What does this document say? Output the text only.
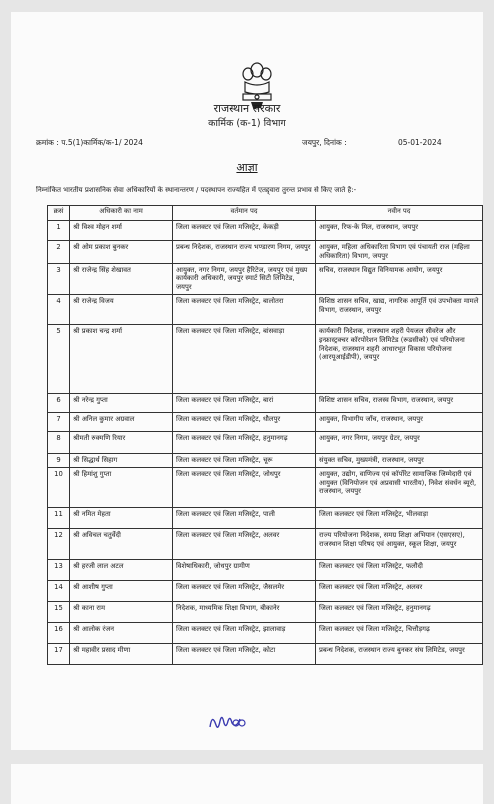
राजस्थान सरकार
कार्मिक (क-1) विभाग
क्रमांक : प.5(1)कार्मिक/क-1/ 2024	जयपुर, दिनांक :	05-01-2024
आज्ञा
निम्नांकित भारतीय प्रशासनिक सेवा अधिकारियों के स्थानान्तरण / पदस्थापन राज्यहित में एतद्द्वारा तुरन्त प्रभाव से किए जाते है:-
क्रसं	अधिकारी का नाम	वर्तमान पद	नवीन पद
1	श्री विश्व मोहन शर्मा	जिला कलक्टर एवं जिला मजिस्ट्रेट, केकड़ी	आयुक्त, रिफ-के मिल, राजस्थान, जयपुर
2	श्री ओम प्रकाश बुनकर	प्रबन्ध निदेशक, राजस्थान राज्य भण्डारण निगम, जयपुर	आयुक्त, महिला अधिकारिता विभाग एवं पंचायती राज (महिला अधिकारिता) विभाग, जयपुर
3	श्री राजेन्द्र सिंह शेखावत	आयुक्त, नगर निगम, जयपुर हैरिटेज, जयपुर एवं मुख्य कार्यकारी अधिकारी, जयपुर स्मार्ट सिटी लिमिटेड, जयपुर	सचिव, राजस्थान विद्युत विनियामक आयोग, जयपुर
4	श्री राजेन्द्र विजय	जिला कलक्टर एवं जिला मजिस्ट्रेट, बालोतरा	विशिष्ठ शासन सचिव, खाद्य, नागरिक आपूर्ति एवं उपभोक्ता मामले विभाग, राजस्थान, जयपुर
5	श्री प्रकाश चन्द्र शर्मा	जिला कलक्टर एवं जिला मजिस्ट्रेट, बांसवाड़ा	कार्यकारी निदेशक, राजस्थान शहरी पेयजल सीवरेज और इन्फ्रास्ट्रक्चर कॉरपोरेशन लिमिटेड (रूडसीको) एवं परियोजना निदेशक, राजस्थान शहरी आधारभूत विकास परियोजना (आरयूआईडीपी), जयपुर
6	श्री नरेन्द्र गुप्ता	जिला कलक्टर एवं जिला मजिस्ट्रेट, बारां	विशिष्ट शासन सचिव, राजस्व विभाग, राजस्थान, जयपुर
7	श्री अनिल कुमार अग्रवाल	जिला कलक्टर एवं जिला मजिस्ट्रेट, धौलपुर	आयुक्त, विभागीय जाँच, राजस्थान, जयपुर
8	श्रीमती रुक्मणि रियार	जिला कलक्टर एवं जिला मजिस्ट्रेट, हनुमानगढ़	आयुक्त, नगर निगम, जयपुर ग्रेटर, जयपुर
9	श्री सिद्धार्थ सिहाग	जिला कलक्टर एवं जिला मजिस्ट्रेट, चूरू	संयुक्त सचिव, मुख्यमंत्री, राजस्थान, जयपुर
10	श्री हिमांशु गुप्ता	जिला कलक्टर एवं जिला मजिस्ट्रेट, जोधपुर	आयुक्त, उद्योग, वाणिज्य एवं कॉर्पोरेट सामाजिक जिम्मेदारी एवं आयुक्त (विनियोजन एवं अप्रवासी भारतीय), निवेश संवर्धन ब्यूरो, राजस्थान, जयपुर
11	श्री नमित मेहता	जिला कलक्टर एवं जिला मजिस्ट्रेट, पाली	जिला कलक्टर एवं जिला मजिस्ट्रेट, भीलवाड़ा
12	श्री अविचल चतुर्वेदी	जिला कलक्टर एवं जिला मजिस्ट्रेट, अलवर	राज्य परियोजना निदेशक, समग्र शिक्षा अभियान (एसएसए), राजस्थान शिक्षा परिषद एवं आयुक्त, स्कूल शिक्षा, जयपुर
13	श्री हरजी लाल अटल	विशेषाधिकारी, जोधपुर ग्रामीण	जिला कलक्टर एवं जिला मजिस्ट्रेट, फलौदी
14	श्री आशीष गुप्ता	जिला कलक्टर एवं जिला मजिस्ट्रेट, जैसलमेर	जिला कलक्टर एवं जिला मजिस्ट्रेट, अलवर
15	श्री काना राम	निदेशक, माध्यमिक शिक्षा विभाग, बीकानेर	जिला कलक्टर एवं जिला मजिस्ट्रेट, हनुमानगढ़
16	श्री आलोक रंजन	जिला कलक्टर एवं जिला मजिस्ट्रेट, झालावाड़	जिला कलक्टर एवं जिला मजिस्ट्रेट, चित्तौड़गढ़
17	श्री महावीर प्रसाद मीणा	जिला कलक्टर एवं जिला मजिस्ट्रेट, कोटा	प्रबन्ध निदेशक, राजस्थान राज्य बुनकर संघ लिमिटेड, जयपुर
